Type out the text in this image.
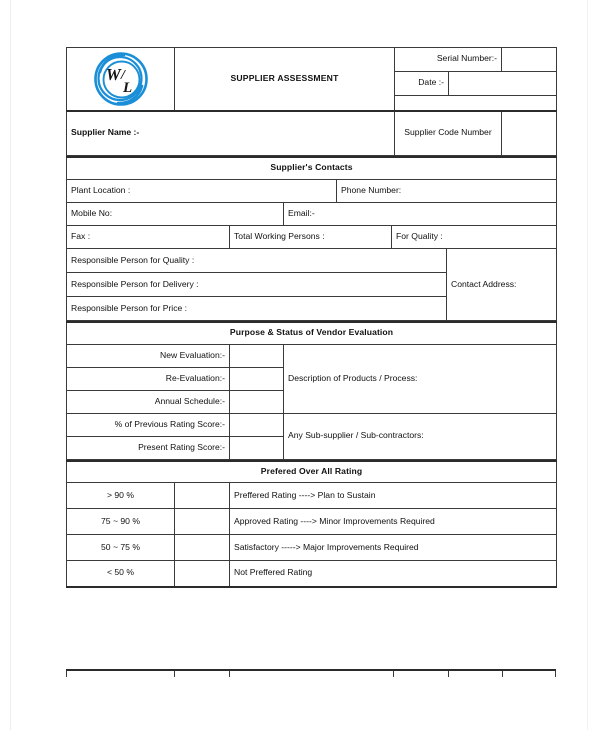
W /
L	SUPPLIER ASSESSMENT	Serial Number:-		
		Date :-		

Supplier Name :-		Supplier Code Number		
Supplier's Contacts					
Plant Location :			Phone Number:		
Mobile No:		Email:-			
Fax :	Total Working Persons :			For Quality :	
Responsible Person for Quality :					Contact Address:
Responsible Person for Delivery :					
Responsible Person for Price :					
Purpose & Status of Vendor Evaluation		
New Evaluation:-		Description of Products / Process:
Re-Evaluation:-		
Annual Schedule:-		
% of Previous Rating Score:-		Any Sub-supplier / Sub-contractors:
Present Rating Score:-		
Prefered Over All Rating		
> 90 %		Preffered Rating ----> Plan to Sustain
75 ~ 90 %		Approved Rating ----> Minor Improvements Required
50 ~ 75 %		Satisfactory -----> Major Improvements Required
< 50 %		Not Preffered Rating
